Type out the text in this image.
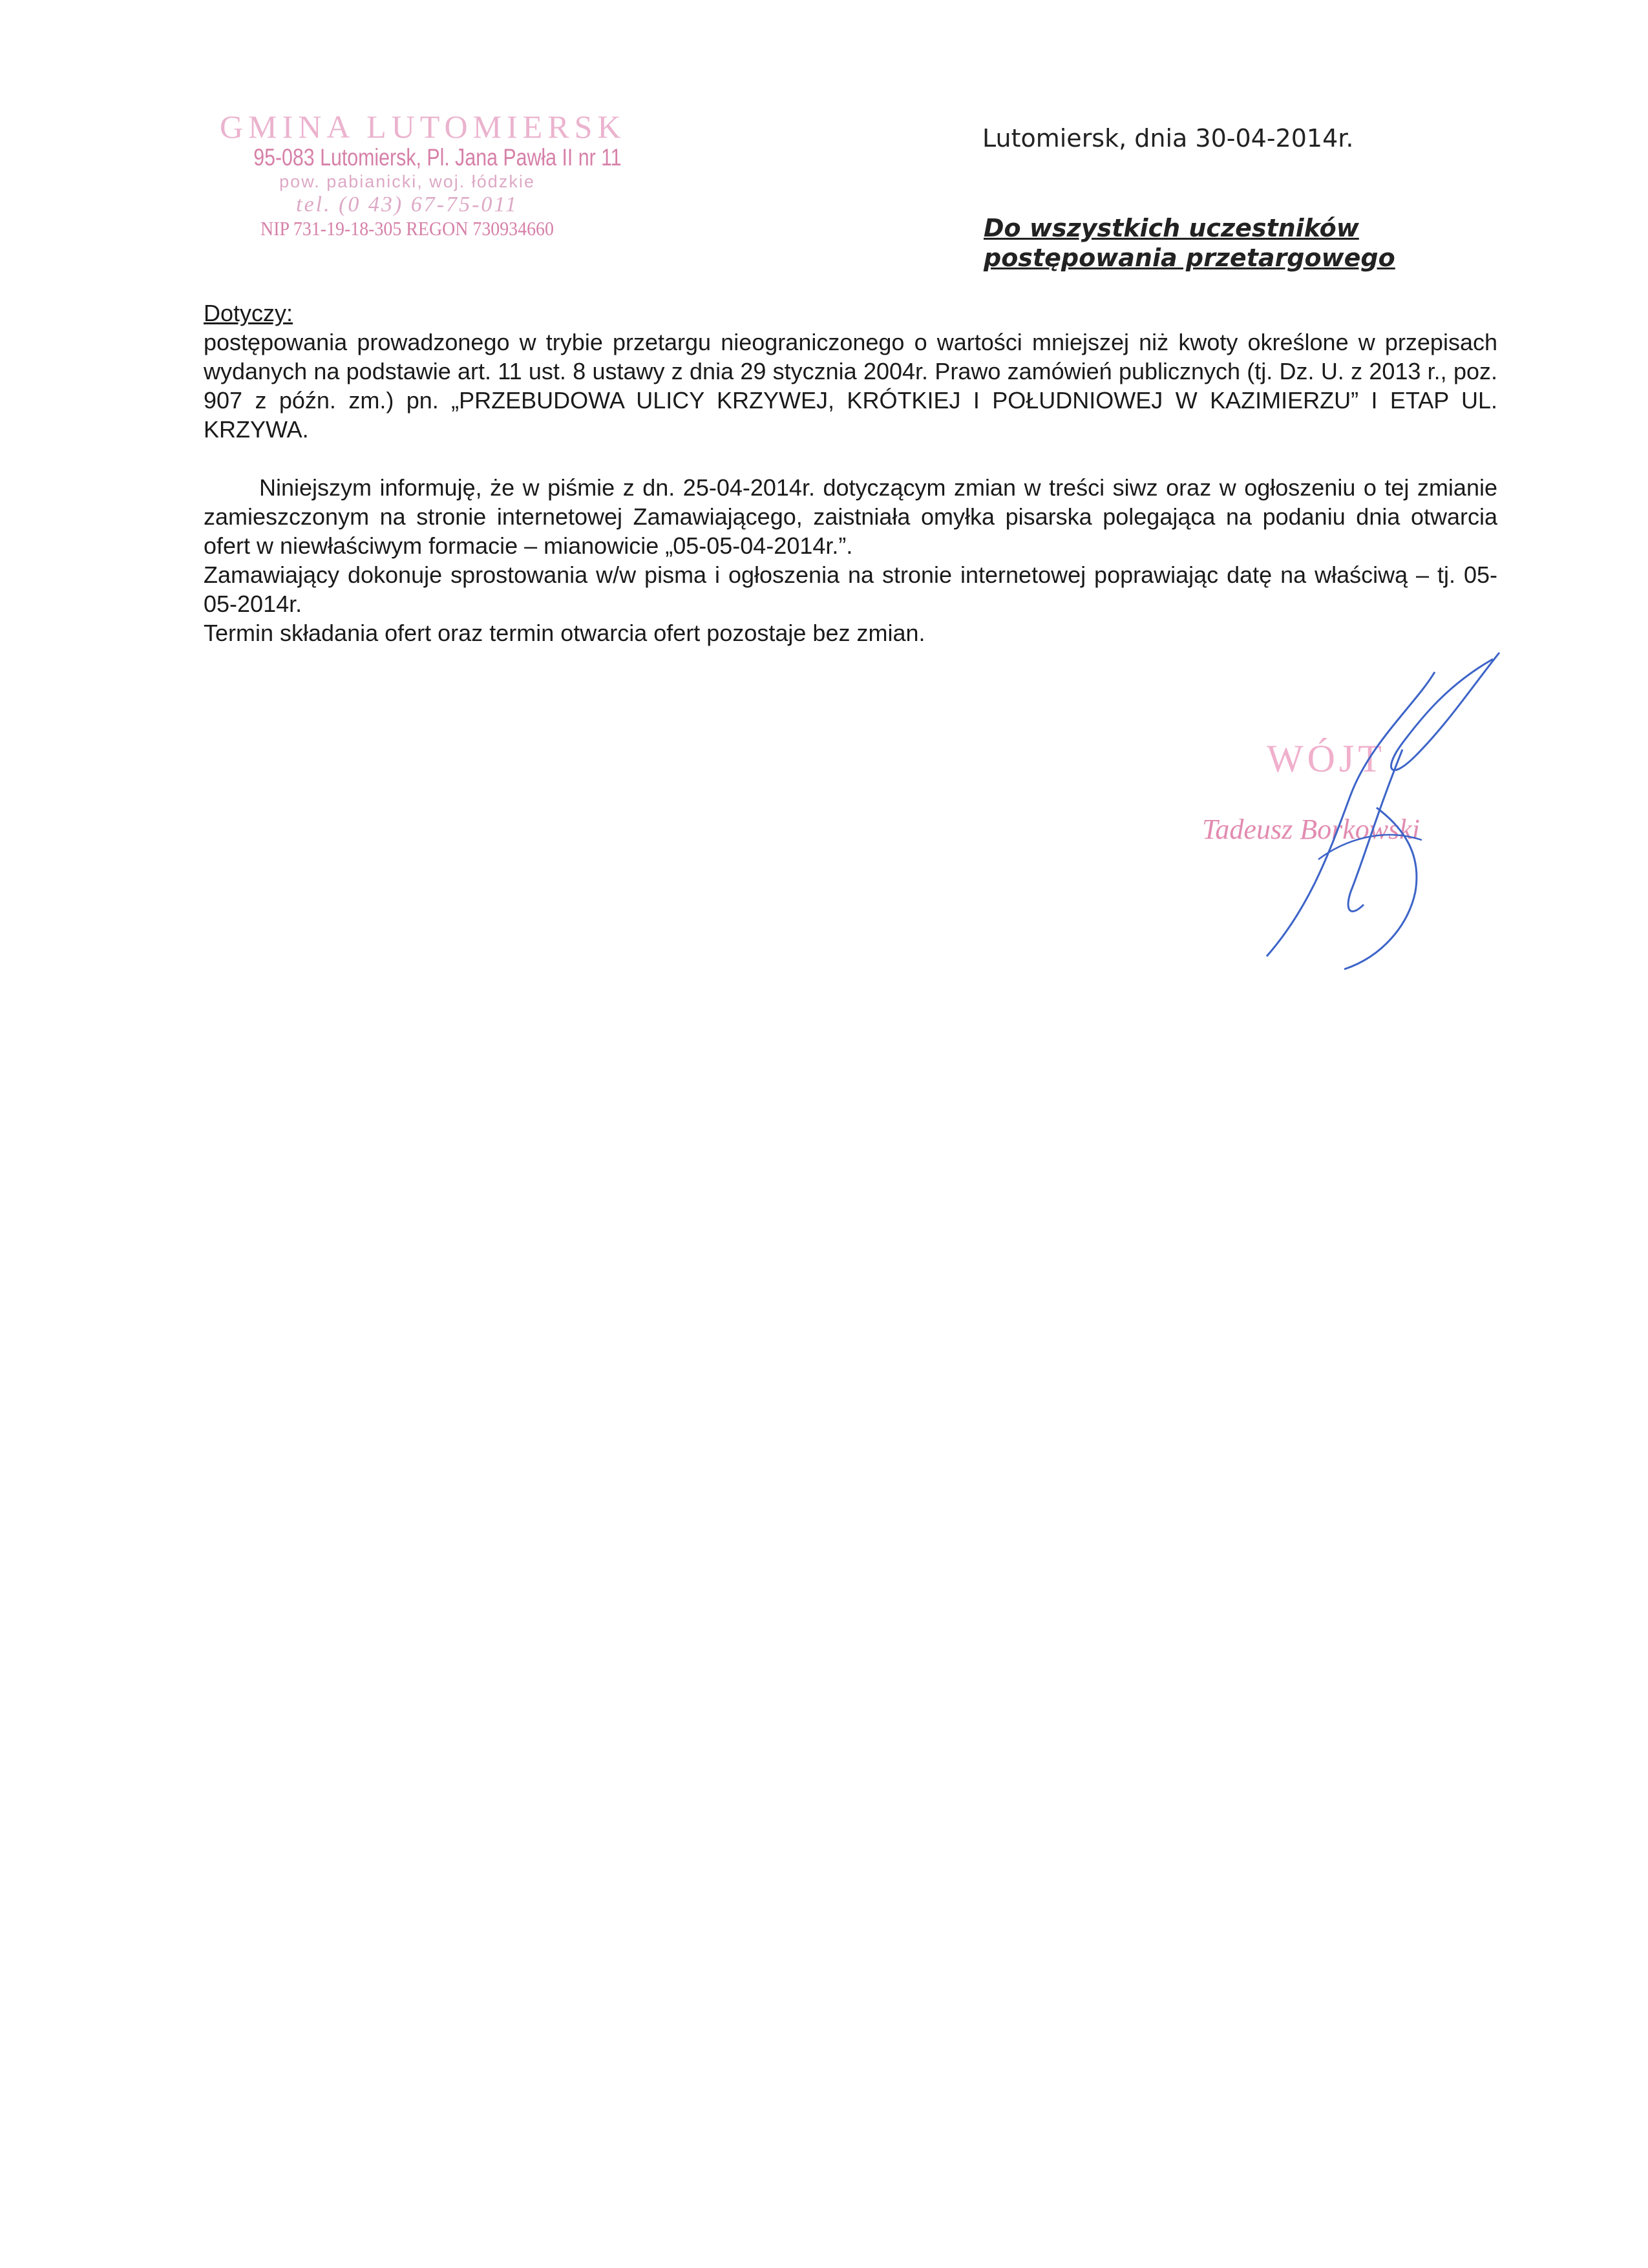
GMINA LUTOMIERSK
95-083 Lutomiersk, Pl. Jana Pawła II nr 11
pow. pabianicki, woj. łódzkie
tel. (0 43) 67-75-011
NIP 731-19-18-305 REGON 730934660
Lutomiersk, dnia 30-04-2014r.
Do wszystkich uczestników
postępowania przetargowego

Dotyczy:

postępowania prowadzonego w trybie przetargu nieograniczonego o wartości mniejszej niż kwoty określone w przepisach wydanych na podstawie art. 11 ust. 8 ustawy z dnia 29 stycznia 2004r. Prawo zamówień publicznych (tj. Dz. U. z 2013 r., poz. 907 z późn. zm.) pn. „PRZEBUDOWA ULICY KRZYWEJ, KRÓTKIEJ I POŁUDNIOWEJ W KAZIMIERZU” I ETAP UL. KRZYWA.

Niniejszym informuję, że w piśmie z dn. 25-04-2014r. dotyczącym zmian w treści siwz oraz w ogłoszeniu o tej zmianie zamieszczonym na stronie internetowej Zamawiającego, zaistniała omyłka pisarska polegająca na podaniu dnia otwarcia ofert w niewłaściwym formacie – mianowicie „05-05-04-2014r.”.

Zamawiający dokonuje sprostowania w/w pisma i ogłoszenia na stronie internetowej poprawiając datę na właściwą – tj. 05-05-2014r.

Termin składania ofert oraz termin otwarcia ofert pozostaje bez zmian.

WÓJT
Tadeusz Borkowski
